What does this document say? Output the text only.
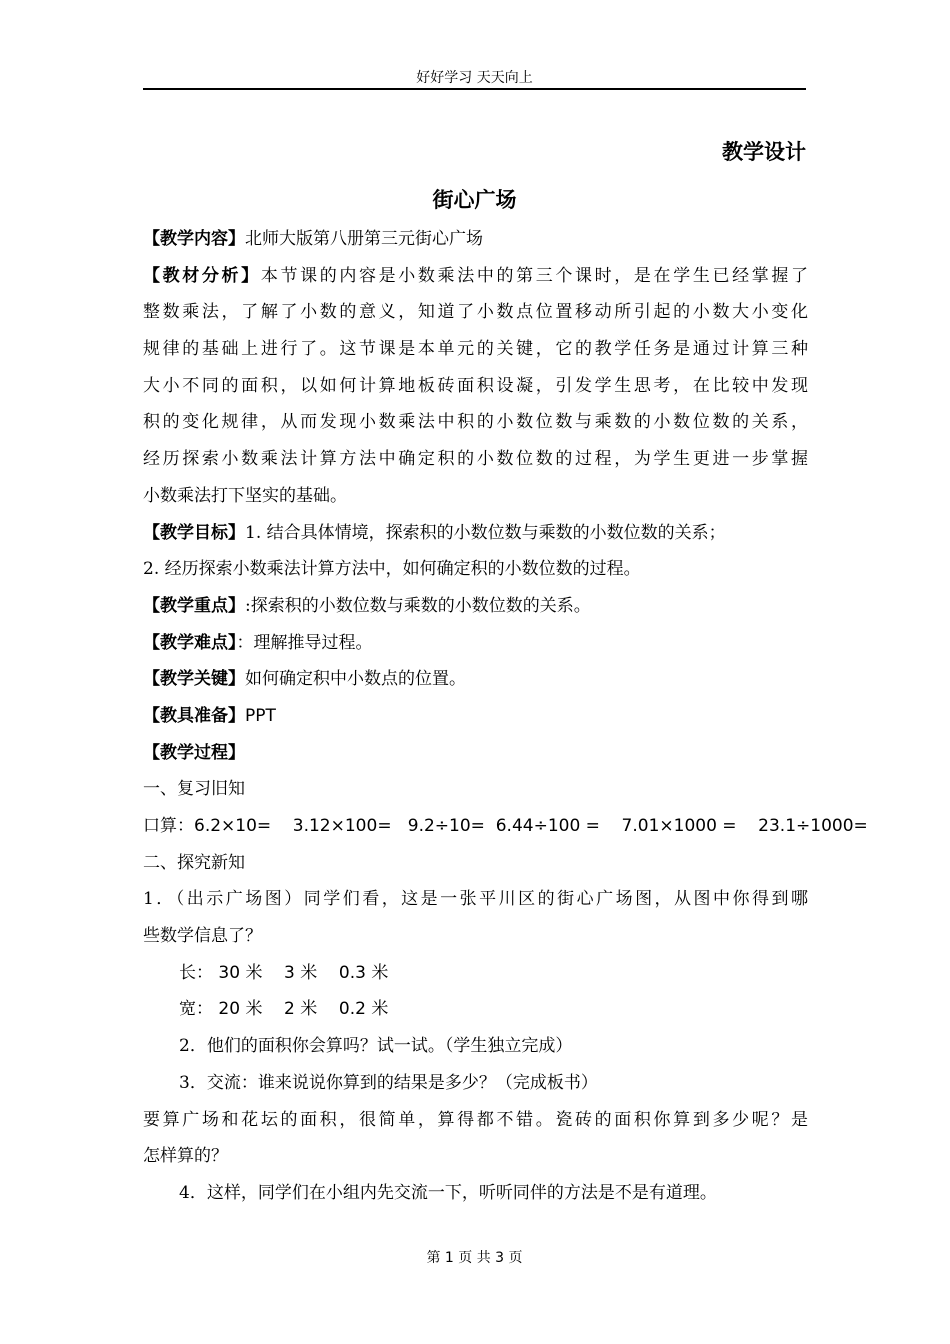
好好学习 天天向上
教学设计
街心广场
【教学内容】北师大版第八册第三元街心广场
【教材分析】本节课的内容是小数乘法中的第三个课时，是在学生已经掌握了
整数乘法，了解了小数的意义，知道了小数点位置移动所引起的小数大小变化
规律的基础上进行了。这节课是本单元的关键，它的教学任务是通过计算三种
大小不同的面积，以如何计算地板砖面积设凝，引发学生思考，在比较中发现
积的变化规律，从而发现小数乘法中积的小数位数与乘数的小数位数的关系，
经历探索小数乘法计算方法中确定积的小数位数的过程，为学生更进一步掌握
小数乘法打下坚实的基础。
【教学目标】1. 结合具体情境，探索积的小数位数与乘数的小数位数的关系；
2. 经历探索小数乘法计算方法中，如何确定积的小数位数的过程。
【教学重点】:探索积的小数位数与乘数的小数位数的关系。
【教学难点】：理解推导过程。
【教学关键】如何确定积中小数点的位置。
【教具准备】PPT
【教学过程】
一、复习旧知
口算：6.2×10=    3.12×100=   9.2÷10=  6.44÷100 =    7.01×1000 =    23.1÷1000=
二、探究新知
1．（出示广场图）同学们看，这是一张平川区的街心广场图，从图中你得到哪
些数学信息了？
长： 30 米    3 米    0.3 米
宽： 20 米    2 米    0.2 米
2．他们的面积你会算吗？试一试。（学生独立完成）
3．交流：谁来说说你算到的结果是多少？（完成板书）
要算广场和花坛的面积，很简单，算得都不错。瓷砖的面积你算到多少呢？是
怎样算的？
4．这样，同学们在小组内先交流一下，听听同伴的方法是不是有道理。
第 1 页 共 3 页
